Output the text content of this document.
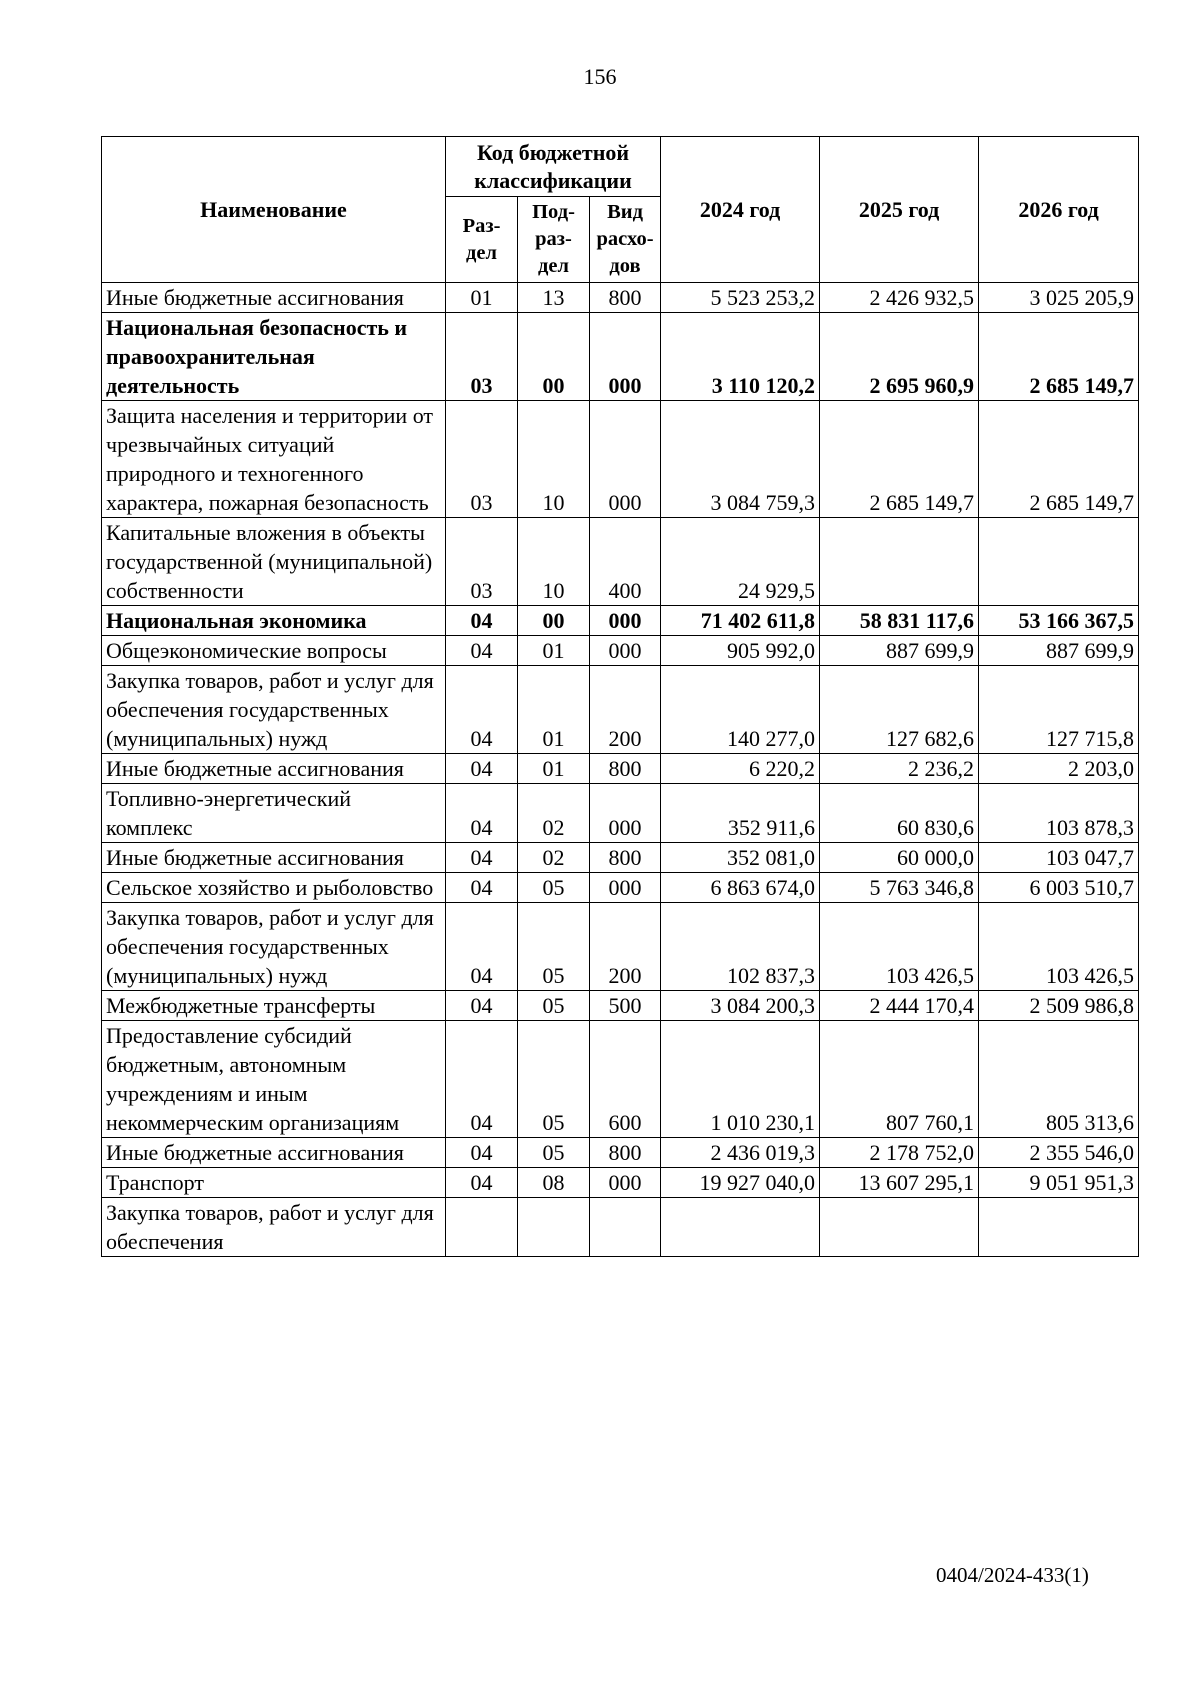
156
Наименование	Код бюджетной классификации			2024 год	2025 год	2026 год
	Раз-дел	Под-раз-дел	Вид расхо-дов			
Иные бюджетные ассигнования	01	13	800	5 523 253,2	2 426 932,5	3 025 205,9
Национальная безопасность и правоохранительная деятельность	03	00	000	3 110 120,2	2 695 960,9	2 685 149,7
Защита населения и территории от чрезвычайных ситуаций природного и техногенного характера, пожарная безопасность	03	10	000	3 084 759,3	2 685 149,7	2 685 149,7
Капитальные вложения в объекты государственной (муниципальной) собственности	03	10	400	24 929,5		
Национальная экономика	04	00	000	71 402 611,8	58 831 117,6	53 166 367,5
Общеэкономические вопросы	04	01	000	905 992,0	887 699,9	887 699,9
Закупка товаров, работ и услуг для обеспечения государственных (муниципальных) нужд	04	01	200	140 277,0	127 682,6	127 715,8
Иные бюджетные ассигнования	04	01	800	6 220,2	2 236,2	2 203,0
Топливно-энергетический комплекс	04	02	000	352 911,6	60 830,6	103 878,3
Иные бюджетные ассигнования	04	02	800	352 081,0	60 000,0	103 047,7
Сельское хозяйство и рыболовство	04	05	000	6 863 674,0	5 763 346,8	6 003 510,7
Закупка товаров, работ и услуг для обеспечения государственных (муниципальных) нужд	04	05	200	102 837,3	103 426,5	103 426,5
Межбюджетные трансферты	04	05	500	3 084 200,3	2 444 170,4	2 509 986,8
Предоставление субсидий бюджетным, автономным учреждениям и иным некоммерческим организациям	04	05	600	1 010 230,1	807 760,1	805 313,6
Иные бюджетные ассигнования	04	05	800	2 436 019,3	2 178 752,0	2 355 546,0
Транспорт	04	08	000	19 927 040,0	13 607 295,1	9 051 951,3
Закупка товаров, работ и услуг для обеспечения						
0404/2024-433(1)
